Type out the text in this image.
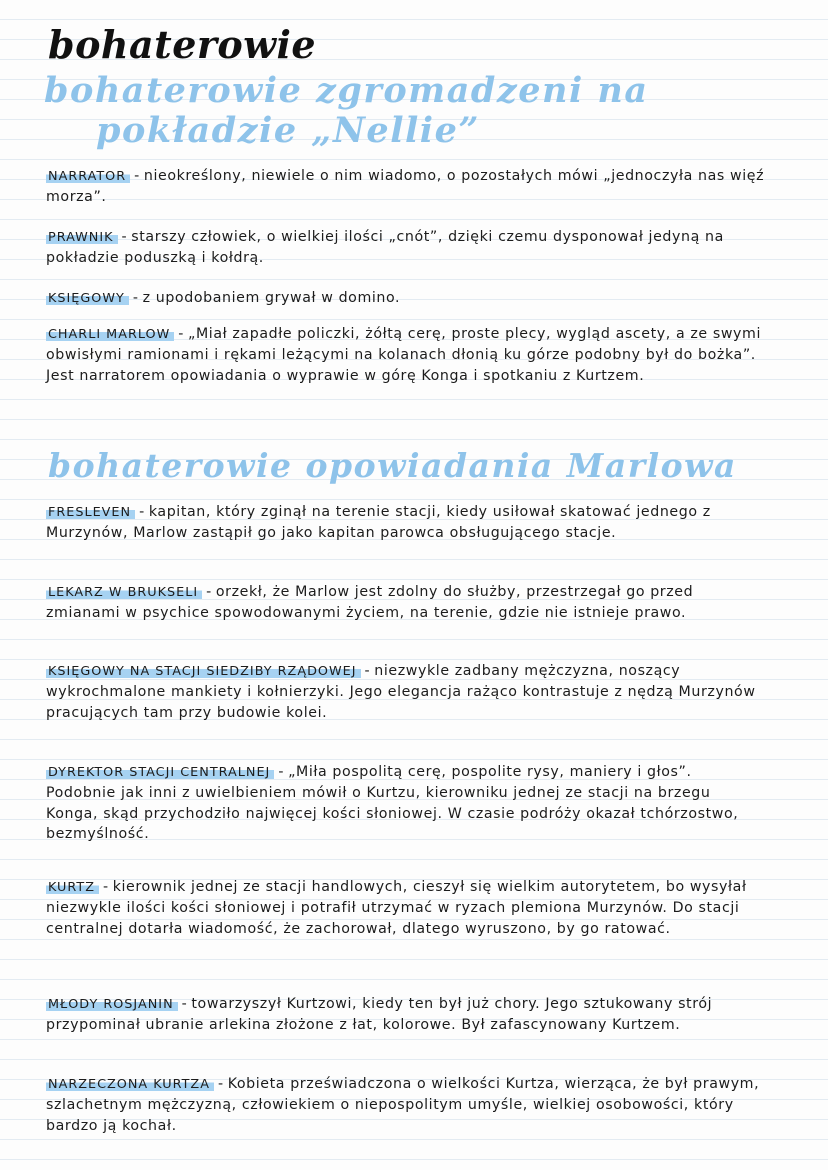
bohaterowie
bohaterowie zgromadzeni na
pokładzie „Nellie”
NARRATOR - nieokreślony, niewiele o nim wiadomo, o pozostałych mówi „jednoczyła nas więź morza”.
PRAWNIK - starszy człowiek, o wielkiej ilości „cnót”, dzięki czemu dysponował jedyną na pokładzie poduszką i kołdrą.
KSIĘGOWY - z upodobaniem grywał w domino.
CHARLI MARLOW - „Miał zapadłe policzki, żółtą cerę, proste plecy, wygląd ascety, a ze swymi obwisłymi ramionami i rękami leżącymi na kolanach dłonią ku górze podobny był do bożka”. Jest narratorem opowiadania o wyprawie w górę Konga i spotkaniu z Kurtzem.
bohaterowie opowiadania Marlowa
FRESLEVEN - kapitan, który zginął na terenie stacji, kiedy usiłował skatować jednego z Murzynów, Marlow zastąpił go jako kapitan parowca obsługującego stacje.
LEKARZ W BRUKSELI - orzekł, że Marlow jest zdolny do służby, przestrzegał go przed zmianami w psychice spowodowanymi życiem, na terenie, gdzie nie istnieje prawo.
KSIĘGOWY NA STACJI SIEDZIBY RZĄDOWEJ - niezwykle zadbany mężczyzna, noszący wykrochmalone mankiety i kołnierzyki. Jego elegancja rażąco kontrastuje z nędzą Murzynów pracujących tam przy budowie kolei.
DYREKTOR STACJI CENTRALNEJ - „Miła pospolitą cerę, pospolite rysy, maniery i głos”. Podobnie jak inni z uwielbieniem mówił o Kurtzu, kierowniku jednej ze stacji na brzegu Konga, skąd przychodziło najwięcej kości słoniowej. W czasie podróży okazał tchórzostwo, bezmyślność.
KURTZ - kierownik jednej ze stacji handlowych, cieszył się wielkim autorytetem, bo wysyłał niezwykle ilości kości słoniowej i potrafił utrzymać w ryzach plemiona Murzynów. Do stacji centralnej dotarła wiadomość, że zachorował, dlatego wyruszono, by go ratować.
MŁODY ROSJANIN - towarzyszył Kurtzowi, kiedy ten był już chory. Jego sztukowany strój przypominał ubranie arlekina złożone z łat, kolorowe. Był zafascynowany Kurtzem.
NARZECZONA KURTZA - Kobieta przeświadczona o wielkości Kurtza, wierząca, że był prawym, szlachetnym mężczyzną, człowiekiem o niepospolitym umyśle, wielkiej osobowości, który bardzo ją kochał.
